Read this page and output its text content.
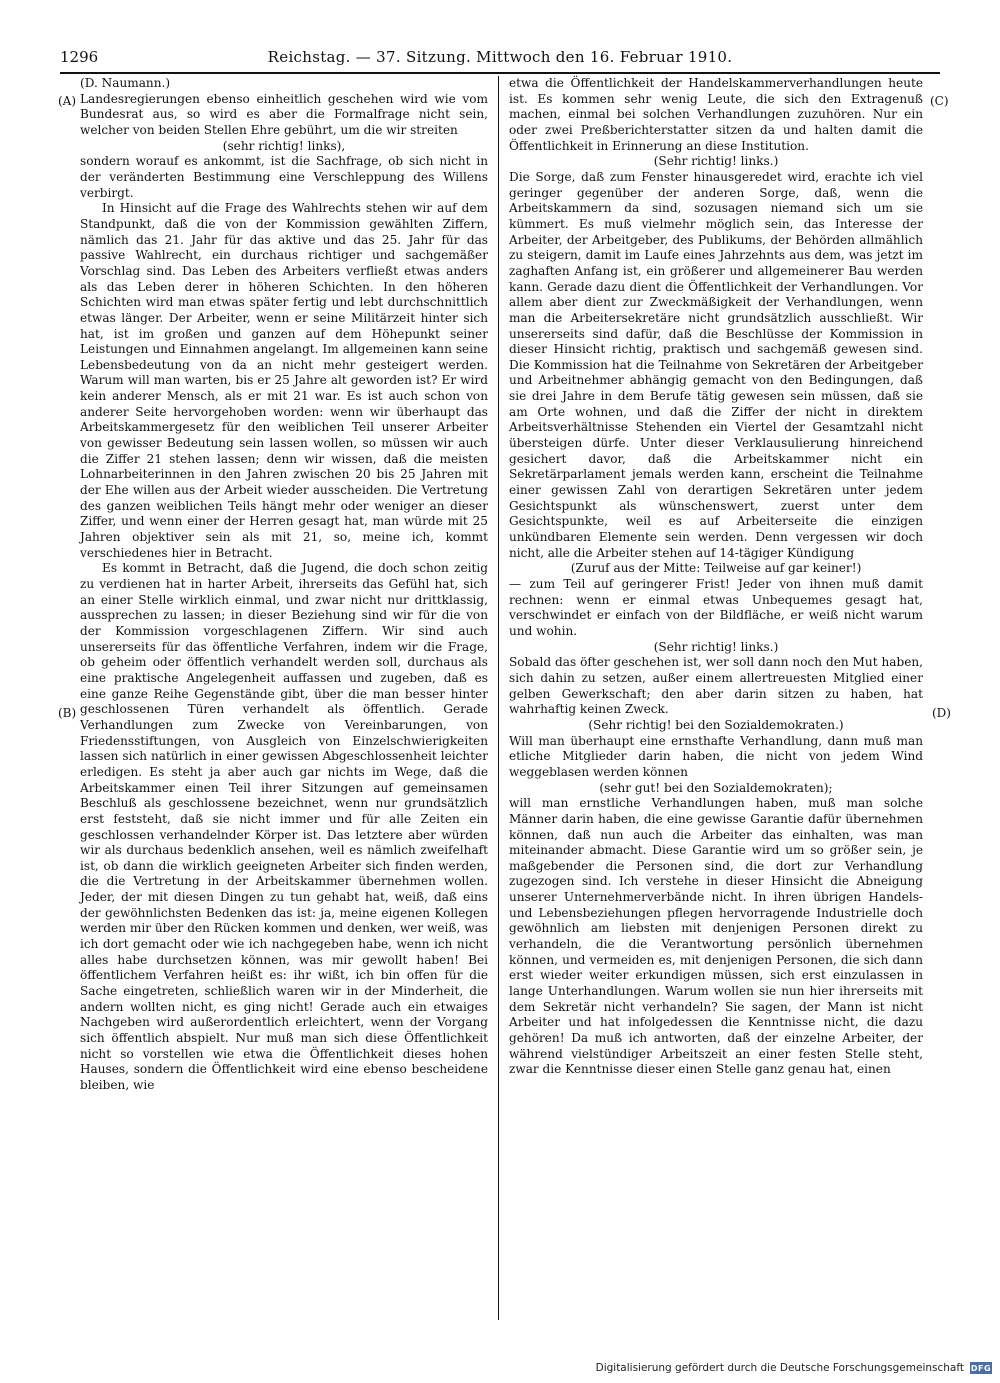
1296	Reichstag. — 37. Sitzung. Mittwoch den 16. Februar 1910.
(A)
(B)
(C)
(D)

(D. Naumann.)

Landesregierungen ebenso einheitlich geschehen wird wie vom Bundesrat aus, so wird es aber die Formalfrage nicht sein, welcher von beiden Stellen Ehre gebührt, um die wir streiten

(sehr richtig! links),

sondern worauf es ankommt, ist die Sachfrage, ob sich nicht in der veränderten Bestimmung eine Verschleppung des Willens verbirgt.

In Hinsicht auf die Frage des Wahlrechts stehen wir auf dem Standpunkt, daß die von der Kommission gewählten Ziffern, nämlich das 21. Jahr für das aktive und das 25. Jahr für das passive Wahlrecht, ein durchaus richtiger und sachgemäßer Vorschlag sind. Das Leben des Arbeiters verfließt etwas anders als das Leben derer in höheren Schichten. In den höheren Schichten wird man etwas später fertig und lebt durchschnittlich etwas länger. Der Arbeiter, wenn er seine Militärzeit hinter sich hat, ist im großen und ganzen auf dem Höhepunkt seiner Leistungen und Einnahmen angelangt. Im allgemeinen kann seine Lebensbedeutung von da an nicht mehr gesteigert werden. Warum will man warten, bis er 25 Jahre alt geworden ist? Er wird kein anderer Mensch, als er mit 21 war. Es ist auch schon von anderer Seite hervorgehoben worden: wenn wir überhaupt das Arbeitskammergesetz für den weiblichen Teil unserer Arbeiter von gewisser Bedeutung sein lassen wollen, so müssen wir auch die Ziffer 21 stehen lassen; denn wir wissen, daß die meisten Lohnarbeiterinnen in den Jahren zwischen 20 bis 25 Jahren mit der Ehe willen aus der Arbeit wieder ausscheiden. Die Vertretung des ganzen weiblichen Teils hängt mehr oder weniger an dieser Ziffer, und wenn einer der Herren gesagt hat, man würde mit 25 Jahren objektiver sein als mit 21, so, meine ich, kommt verschiedenes hier in Betracht.

Es kommt in Betracht, daß die Jugend, die doch schon zeitig zu verdienen hat in harter Arbeit, ihrerseits das Gefühl hat, sich an einer Stelle wirklich einmal, und zwar nicht nur drittklassig, aussprechen zu lassen; in dieser Beziehung sind wir für die von der Kommission vorgeschlagenen Ziffern. Wir sind auch unsererseits für das öffentliche Verfahren, indem wir die Frage, ob geheim oder öffentlich verhandelt werden soll, durchaus als eine praktische Angelegenheit auffassen und zugeben, daß es eine ganze Reihe Gegenstände gibt, über die man besser hinter geschlossenen Türen verhandelt als öffentlich. Gerade Verhandlungen zum Zwecke von Vereinbarungen, von Friedensstiftungen, von Ausgleich von Einzelschwierigkeiten lassen sich natürlich in einer gewissen Abgeschlossenheit leichter erledigen. Es steht ja aber auch gar nichts im Wege, daß die Arbeitskammer einen Teil ihrer Sitzungen auf gemeinsamen Beschluß als geschlossene bezeichnet, wenn nur grundsätzlich erst feststeht, daß sie nicht immer und für alle Zeiten ein geschlossen verhandelnder Körper ist. Das letztere aber würden wir als durchaus bedenklich ansehen, weil es nämlich zweifelhaft ist, ob dann die wirklich geeigneten Arbeiter sich finden werden, die die Vertretung in der Arbeitskammer übernehmen wollen. Jeder, der mit diesen Dingen zu tun gehabt hat, weiß, daß eins der gewöhnlichsten Bedenken das ist: ja, meine eigenen Kollegen werden mir über den Rücken kommen und denken, wer weiß, was ich dort gemacht oder wie ich nachgegeben habe, wenn ich nicht alles habe durchsetzen können, was mir gewollt haben! Bei öffentlichem Verfahren heißt es: ihr wißt, ich bin offen für die Sache eingetreten, schließlich waren wir in der Minderheit, die andern wollten nicht, es ging nicht! Gerade auch ein etwaiges Nachgeben wird außerordentlich erleichtert, wenn der Vorgang sich öffentlich abspielt. Nur muß man sich diese Öffentlichkeit nicht so vorstellen wie etwa die Öffentlichkeit dieses hohen Hauses, sondern die Öffentlichkeit wird eine ebenso bescheidene bleiben, wie

etwa die Öffentlichkeit der Handelskammerverhandlungen heute ist. Es kommen sehr wenig Leute, die sich den Extragenuß machen, einmal bei solchen Verhandlungen zuzuhören. Nur ein oder zwei Preßberichterstatter sitzen da und halten damit die Öffentlichkeit in Erinnerung an diese Institution.

(Sehr richtig! links.)

Die Sorge, daß zum Fenster hinausgeredet wird, erachte ich viel geringer gegenüber der anderen Sorge, daß, wenn die Arbeitskammern da sind, sozusagen niemand sich um sie kümmert. Es muß vielmehr möglich sein, das Interesse der Arbeiter, der Arbeitgeber, des Publikums, der Behörden allmählich zu steigern, damit im Laufe eines Jahrzehnts aus dem, was jetzt im zaghaften Anfang ist, ein größerer und allgemeinerer Bau werden kann. Gerade dazu dient die Öffentlichkeit der Verhandlungen. Vor allem aber dient zur Zweckmäßigkeit der Verhandlungen, wenn man die Arbeitersekretäre nicht grundsätzlich ausschließt. Wir unsererseits sind dafür, daß die Beschlüsse der Kommission in dieser Hinsicht richtig, praktisch und sachgemäß gewesen sind. Die Kommission hat die Teilnahme von Sekretären der Arbeitgeber und Arbeitnehmer abhängig gemacht von den Bedingungen, daß sie drei Jahre in dem Berufe tätig gewesen sein müssen, daß sie am Orte wohnen, und daß die Ziffer der nicht in direktem Arbeitsverhältnisse Stehenden ein Viertel der Gesamtzahl nicht übersteigen dürfe. Unter dieser Verklausulierung hinreichend gesichert davor, daß die Arbeitskammer nicht ein Sekretärparlament jemals werden kann, erscheint die Teilnahme einer gewissen Zahl von derartigen Sekretären unter jedem Gesichtspunkt als wünschenswert, zuerst unter dem Gesichtspunkte, weil es auf Arbeiterseite die einzigen unkündbaren Elemente sein werden. Denn vergessen wir doch nicht, alle die Arbeiter stehen auf 14-tägiger Kündigung

(Zuruf aus der Mitte: Teilweise auf gar keiner!)

— zum Teil auf geringerer Frist! Jeder von ihnen muß damit rechnen: wenn er einmal etwas Unbequemes gesagt hat, verschwindet er einfach von der Bildfläche, er weiß nicht warum und wohin.

(Sehr richtig! links.)

Sobald das öfter geschehen ist, wer soll dann noch den Mut haben, sich dahin zu setzen, außer einem allertreuesten Mitglied einer gelben Gewerkschaft; den aber darin sitzen zu haben, hat wahrhaftig keinen Zweck.

(Sehr richtig! bei den Sozialdemokraten.)

Will man überhaupt eine ernsthafte Verhandlung, dann muß man etliche Mitglieder darin haben, die nicht von jedem Wind weggeblasen werden können

(sehr gut! bei den Sozialdemokraten);

will man ernstliche Verhandlungen haben, muß man solche Männer darin haben, die eine gewisse Garantie dafür übernehmen können, daß nun auch die Arbeiter das einhalten, was man miteinander abmacht. Diese Garantie wird um so größer sein, je maßgebender die Personen sind, die dort zur Verhandlung zugezogen sind. Ich verstehe in dieser Hinsicht die Abneigung unserer Unternehmerverbände nicht. In ihren übrigen Handels- und Lebensbeziehungen pflegen hervorragende Industrielle doch gewöhnlich am liebsten mit denjenigen Personen direkt zu verhandeln, die die Verantwortung persönlich übernehmen können, und vermeiden es, mit denjenigen Personen, die sich dann erst wieder weiter erkundigen müssen, sich erst einzulassen in lange Unterhandlungen. Warum wollen sie nun hier ihrerseits mit dem Sekretär nicht verhandeln? Sie sagen, der Mann ist nicht Arbeiter und hat infolgedessen die Kenntnisse nicht, die dazu gehören! Da muß ich antworten, daß der einzelne Arbeiter, der während vielstündiger Arbeitszeit an einer festen Stelle steht, zwar die Kenntnisse dieser einen Stelle ganz genau hat, einen

Digitalisierung gefördert durch die Deutsche Forschungsgemeinschaft DFG
